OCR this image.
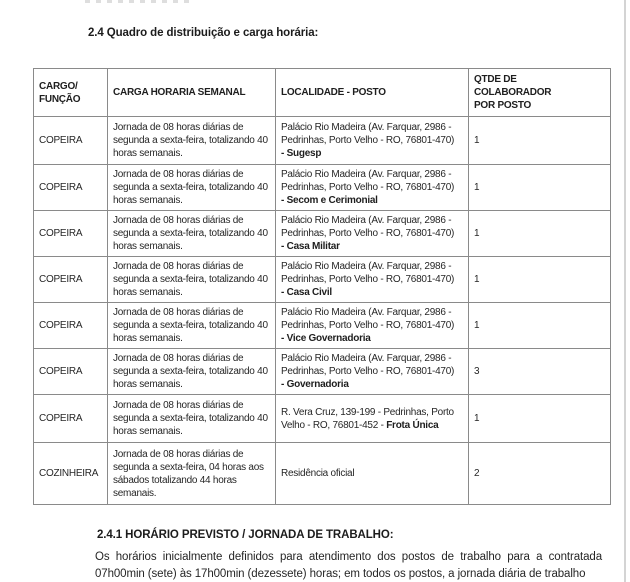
2.4 Quadro de distribuição e carga horária:
CARGO/ FUNÇÃO	CARGA HORARIA SEMANAL	LOCALIDADE - POSTO	QTDE DE COLABORADOR POR POSTO

COPEIRA	Jornada de 08 horas diárias de segunda a sexta-feira, totalizando 40 horas semanais.	Palácio Rio Madeira (Av. Farquar, 2986 - Pedrinhas, Porto Velho - RO, 76801-470) - Sugesp	1
COPEIRA	Jornada de 08 horas diárias de segunda a sexta-feira, totalizando 40 horas semanais.	Palácio Rio Madeira (Av. Farquar, 2986 - Pedrinhas, Porto Velho - RO, 76801-470) - Secom e Cerimonial	1
COPEIRA	Jornada de 08 horas diárias de segunda a sexta-feira, totalizando 40 horas semanais.	Palácio Rio Madeira (Av. Farquar, 2986 - Pedrinhas, Porto Velho - RO, 76801-470) - Casa Militar	1
COPEIRA	Jornada de 08 horas diárias de segunda a sexta-feira, totalizando 40 horas semanais.	Palácio Rio Madeira (Av. Farquar, 2986 - Pedrinhas, Porto Velho - RO, 76801-470) - Casa Civil	1
COPEIRA	Jornada de 08 horas diárias de segunda a sexta-feira, totalizando 40 horas semanais.	Palácio Rio Madeira (Av. Farquar, 2986 - Pedrinhas, Porto Velho - RO, 76801-470) - Vice Governadoria	1
COPEIRA	Jornada de 08 horas diárias de segunda a sexta-feira, totalizando 40 horas semanais.	Palácio Rio Madeira (Av. Farquar, 2986 - Pedrinhas, Porto Velho - RO, 76801-470) - Governadoria	3
COPEIRA	Jornada de 08 horas diárias de segunda a sexta-feira, totalizando 40 horas semanais.	R. Vera Cruz, 139-199 - Pedrinhas, Porto Velho - RO, 76801-452 - Frota Única	1
COZINHEIRA	Jornada de 08 horas diárias de segunda a sexta-feira, 04 horas aos sábados totalizando 44 horas semanais.	Residência oficial	2
2.4.1 HORÁRIO PREVISTO / JORNADA DE TRABALHO:
Os horários inicialmente definidos para atendimento dos postos de trabalho para a contratada 07h00min (sete) às 17h00min (dezessete) horas; em todos os postos, a jornada diária de trabalho
